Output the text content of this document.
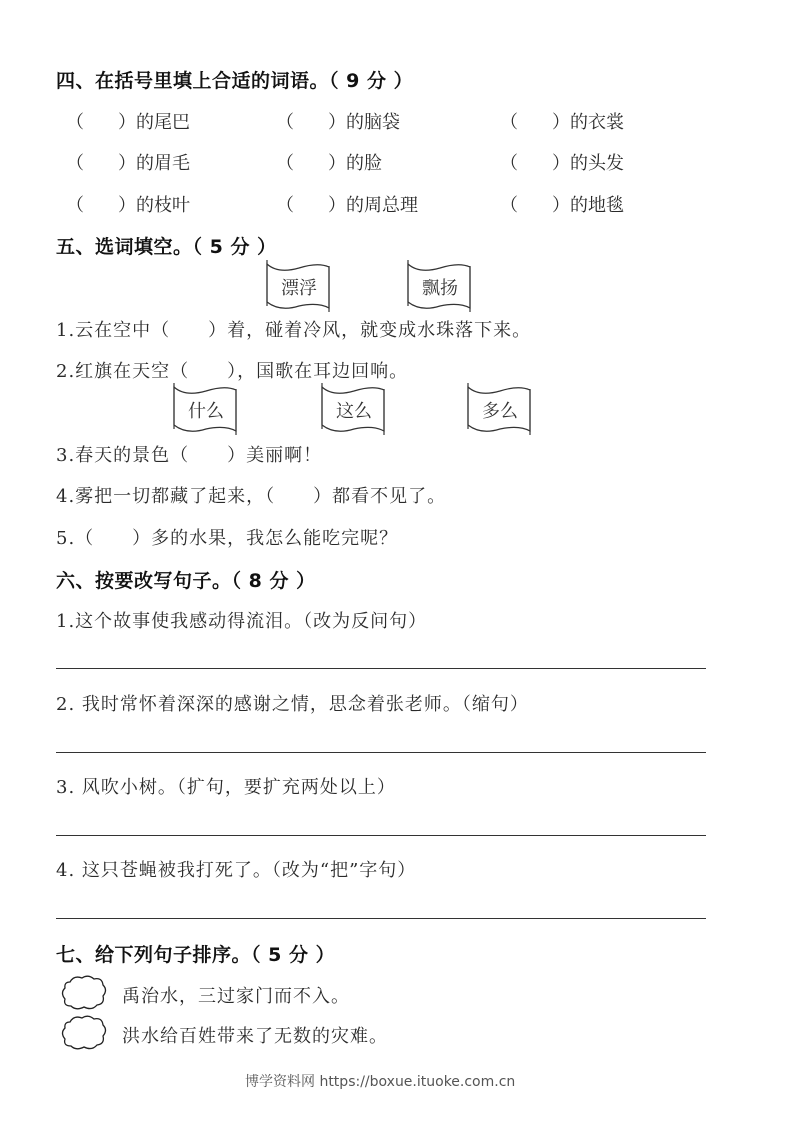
四、在括号里填上合适的词语。（ 9 分 ）
（ ）的尾巴	（ ）的脑袋	（ ）的衣裳
（ ）的眉毛	（ ）的脸	（ ）的头发
（ ）的枝叶	（ ）的周总理	（ ）的地毯
五、选词填空。（ 5 分 ）
漂浮	飘扬
1.云在空中（　　）着，碰着冷风，就变成水珠落下来。
2.红旗在天空（　　），国歌在耳边回响。
什么	这么	多么
3.春天的景色（　　）美丽啊！
4.雾把一切都藏了起来，（　　）都看不见了。
5.（　　）多的水果，我怎么能吃完呢？
六、按要改写句子。（ 8 分 ）
1.这个故事使我感动得流泪。（改为反问句）
2. 我时常怀着深深的感谢之情，思念着张老师。（缩句）
3. 风吹小树。（扩句，要扩充两处以上）
4. 这只苍蝇被我打死了。（改为“把”字句）
七、给下列句子排序。（ 5 分 ）
禹治水，三过家门而不入。
洪水给百姓带来了无数的灾难。
博学资料网 https://boxue.ituoke.com.cn
